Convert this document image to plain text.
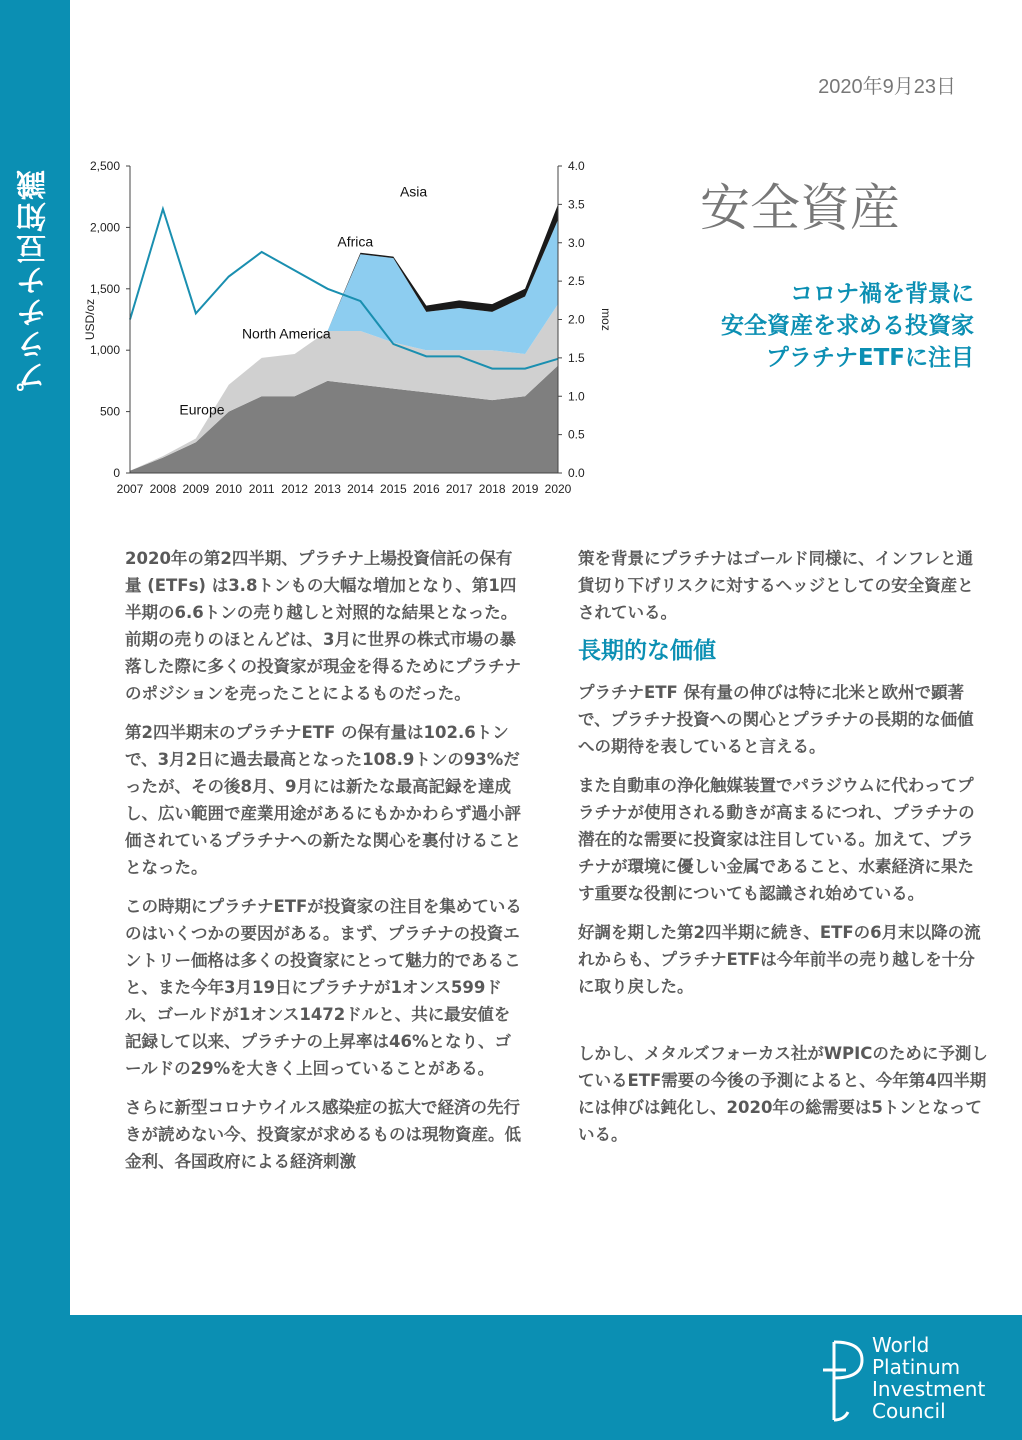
プラチナ豆知識
2020年9月23日
安全資産
コロナ禍を背景に
安全資産を求める投資家
プラチナETFに注目
0
500
1,000
1,500
2,000
2,500
0.0
0.5
1.0
1.5
2.0
2.5
3.0
3.5
4.0
2007 2008 2009 2010 2011 2012 2013 2014 2015 2016 2017 2018 2019 2020
USD/oz	moz
Asia
Africa
North America
Europe

2020年の第2四半期、プラチナ上場投資信託の保有量 (ETFs) は3.8トンもの大幅な増加となり、第1四半期の6.6トンの売り越しと対照的な結果となった。前期の売りのほとんどは、3月に世界の株式市場の暴落した際に多くの投資家が現金を得るためにプラチナのポジションを売ったことによるものだった。

第2四半期末のプラチナETF の保有量は102.6トンで、3月2日に過去最高となった108.9トンの93%だったが、その後8月、9月には新たな最高記録を達成し、広い範囲で産業用途があるにもかかわらず過小評価されているプラチナへの新たな関心を裏付けることとなった。

この時期にプラチナETFが投資家の注目を集めているのはいくつかの要因がある。まず、プラチナの投資エントリー価格は多くの投資家にとって魅力的であること、また今年3月19日にプラチナが1オンス599ドル、ゴールドが1オンス1472ドルと、共に最安値を記録して以来、プラチナの上昇率は46%となり、ゴールドの29%を大きく上回っていることがある。

さらに新型コロナウイルス感染症の拡大で経済の先行きが読めない今、投資家が求めるものは現物資産。低金利、各国政府による経済刺激

策を背景にプラチナはゴールド同様に、インフレと通貨切り下げリスクに対するヘッジとしての安全資産とされている。

長期的な価値

プラチナETF 保有量の伸びは特に北米と欧州で顕著で、プラチナ投資への関心とプラチナの長期的な価値への期待を表していると言える。

また自動車の浄化触媒装置でパラジウムに代わってプラチナが使用される動きが高まるにつれ、プラチナの潜在的な需要に投資家は注目している。加えて、プラチナが環境に優しい金属であること、水素経済に果たす重要な役割についても認識され始めている。

好調を期した第2四半期に続き、ETFの6月末以降の流れからも、プラチナETFは今年前半の売り越しを十分に取り戻した。

しかし、メタルズフォーカス社がWPICのために予測しているETF需要の今後の予測によると、今年第4四半期には伸びは鈍化し、2020年の総需要は5トンとなっている。

World
Platinum
Investment
Council
